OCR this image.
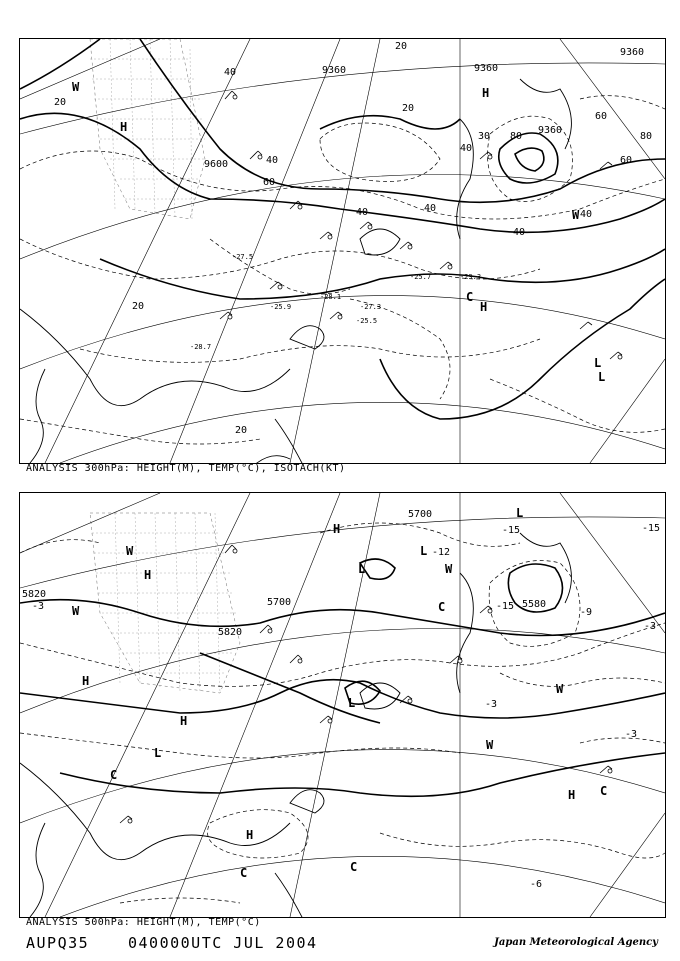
9360	9360
9360
9600
9360
20
20
40
40
60
40
40
60
40
40
20
20
20
30 80
60
80
40
-27.5
-25.9
-28.1
-27.3
-25.7	-29.3
-28.7
-25.5
H
H
W
C
H
L
L
W
ANALYSIS 300hPa: HEIGHT(M), TEMP(°C), ISOTACH(KT)
5700
5700
5820
5820
5580
-15
-12
-15
-3
-3
-9
-6
-3
-15
-3
H
W
W
H	L
L
L
C
W
H
L
H
H
W
C
H C
C
C
W
L
ANALYSIS 500hPa: HEIGHT(M), TEMP(°C)
AUPQ35	040000UTC JUL 2004	Japan Meteorological Agency
